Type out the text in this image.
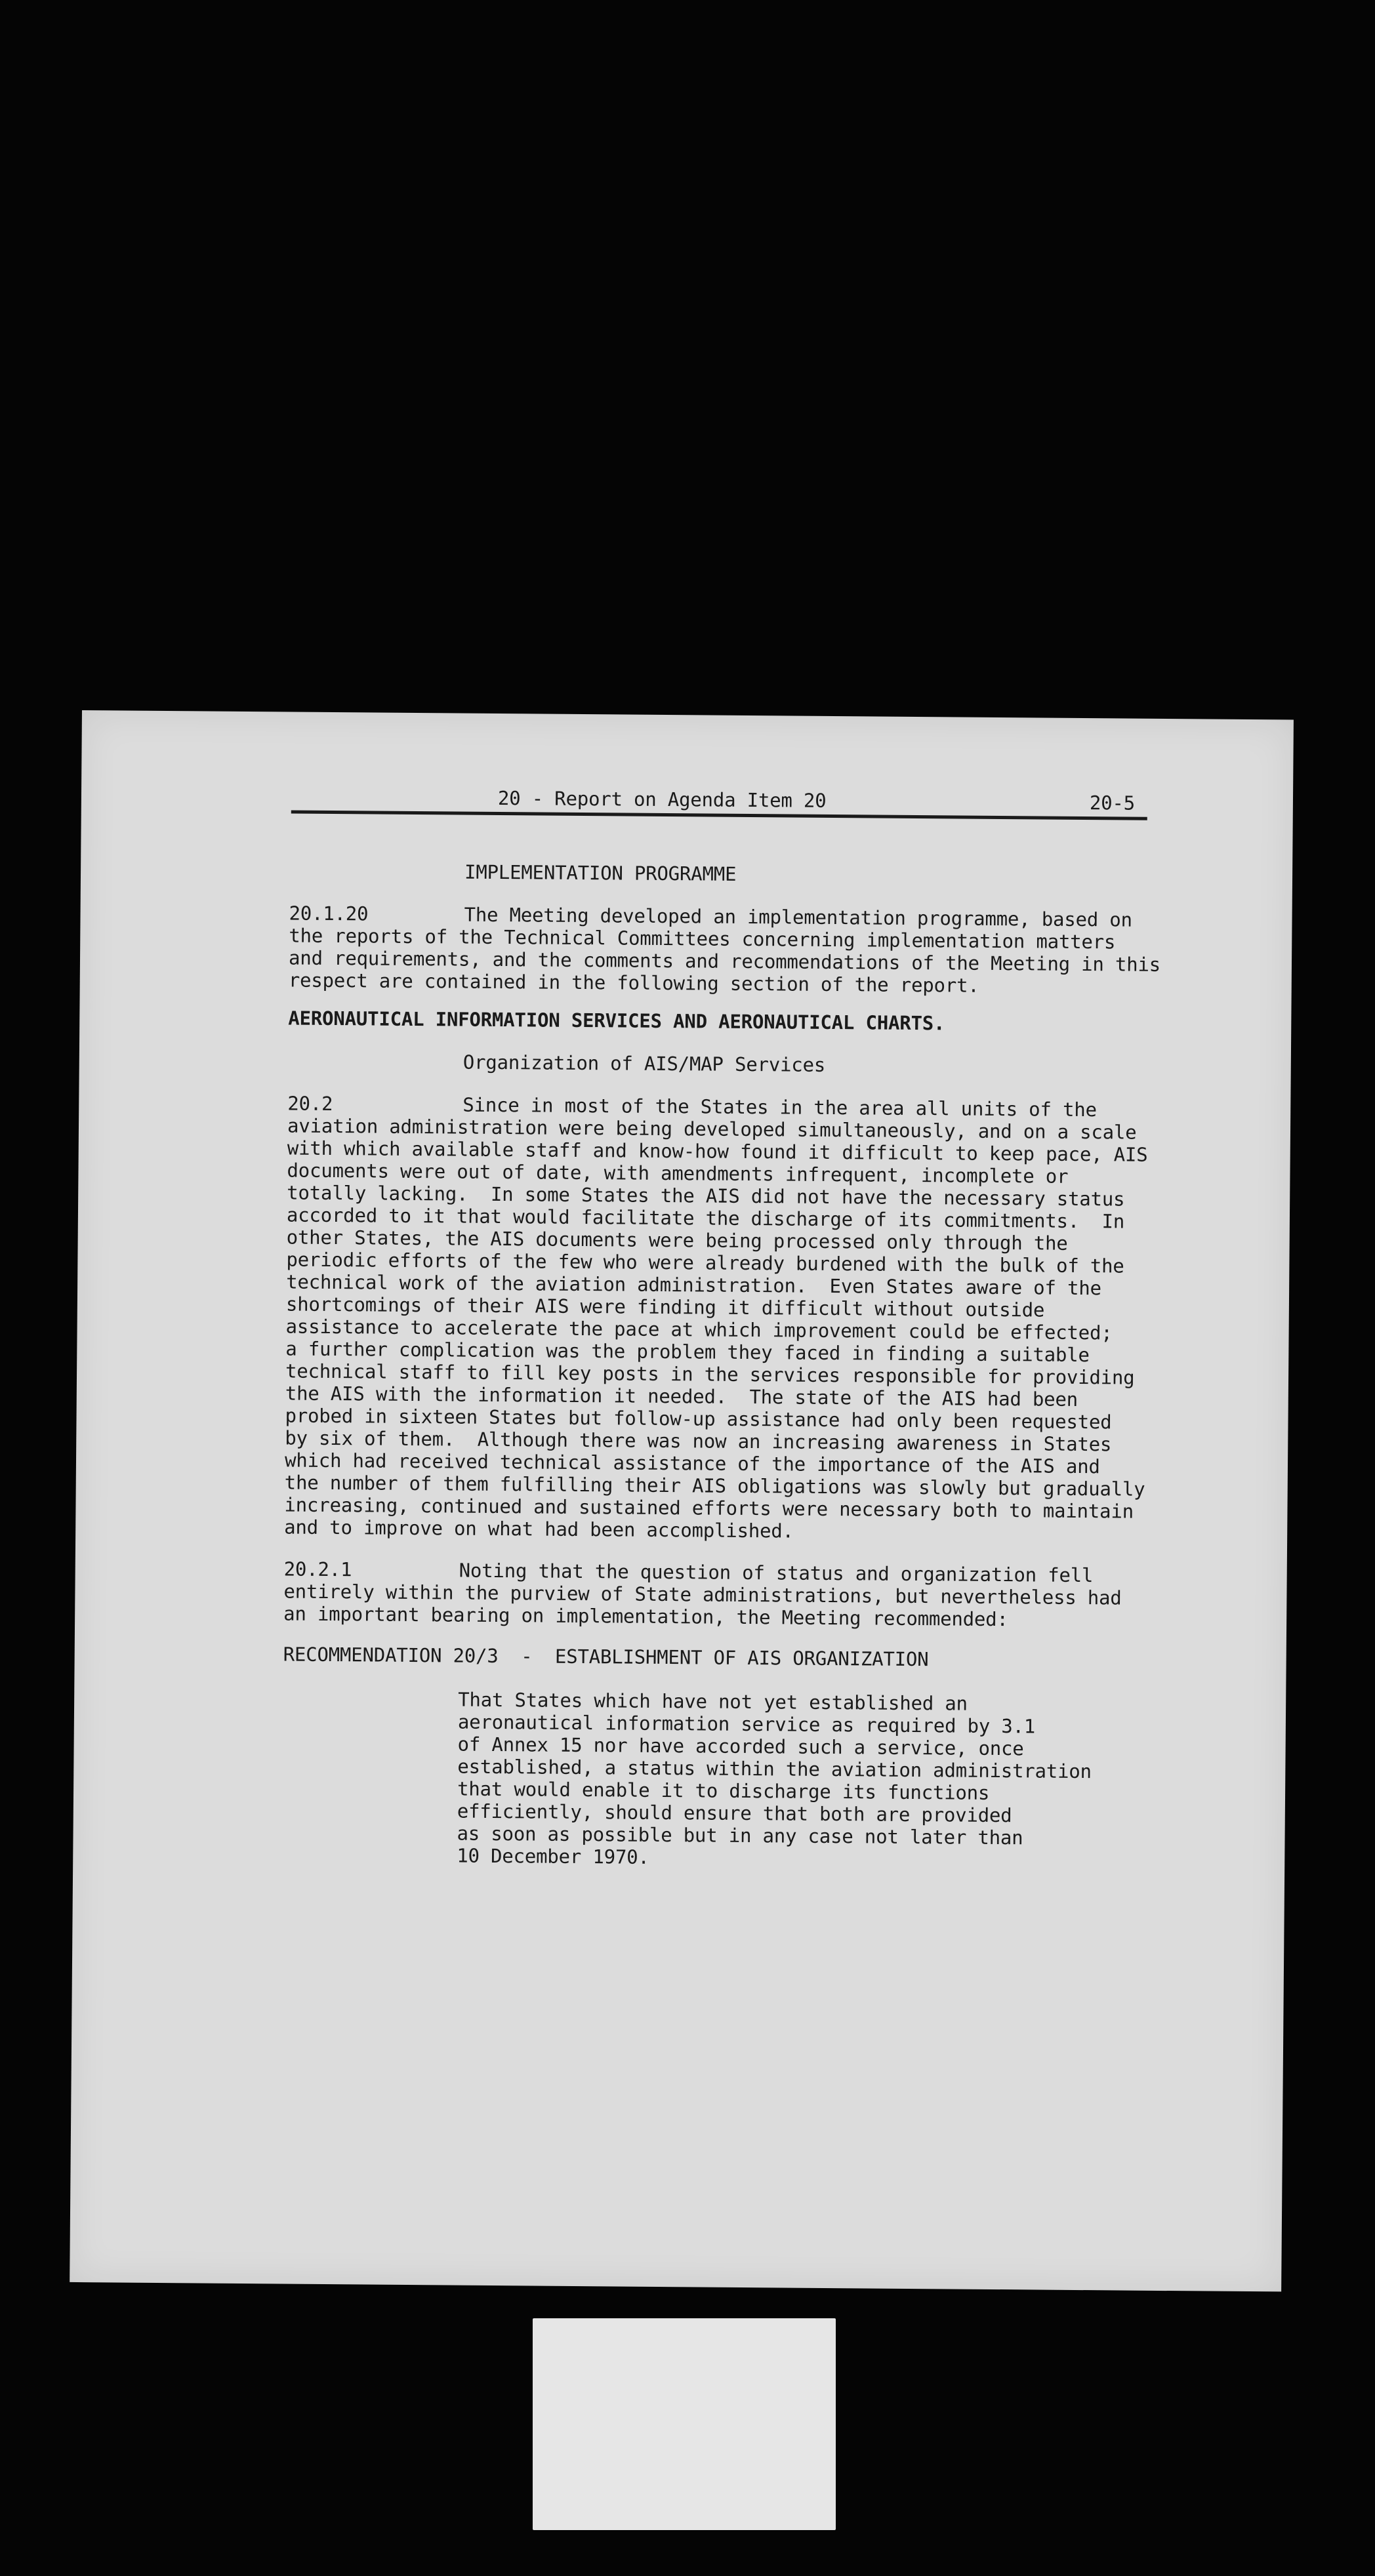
20 - Report on Agenda Item 20	20-5
IMPLEMENTATION PROGRAMME
20.1.20	The Meeting developed an implementation programme, based on
the reports of the Technical Committees concerning implementation matters
and requirements, and the comments and recommendations of the Meeting in this
respect are contained in the following section of the report.
AERONAUTICAL INFORMATION SERVICES AND AERONAUTICAL CHARTS.
Organization of AIS/MAP Services
20.2	Since in most of the States in the area all units of the
aviation administration were being developed simultaneously, and on a scale
with which available staff and know-how found it difficult to keep pace, AIS
documents were out of date, with amendments infrequent, incomplete or
totally lacking.  In some States the AIS did not have the necessary status
accorded to it that would facilitate the discharge of its commitments.  In
other States, the AIS documents were being processed only through the
periodic efforts of the few who were already burdened with the bulk of the
technical work of the aviation administration.  Even States aware of the
shortcomings of their AIS were finding it difficult without outside
assistance to accelerate the pace at which improvement could be effected;
a further complication was the problem they faced in finding a suitable
technical staff to fill key posts in the services responsible for providing
the AIS with the information it needed.  The state of the AIS had been
probed in sixteen States but follow-up assistance had only been requested
by six of them.  Although there was now an increasing awareness in States
which had received technical assistance of the importance of the AIS and
the number of them fulfilling their AIS obligations was slowly but gradually
increasing, continued and sustained efforts were necessary both to maintain
and to improve on what had been accomplished.
20.2.1	Noting that the question of status and organization fell
entirely within the purview of State administrations, but nevertheless had
an important bearing on implementation, the Meeting recommended:
RECOMMENDATION 20/3  -  ESTABLISHMENT OF AIS ORGANIZATION
That States which have not yet established an
aeronautical information service as required by 3.1
of Annex 15 nor have accorded such a service, once
established, a status within the aviation administration
that would enable it to discharge its functions
efficiently, should ensure that both are provided
as soon as possible but in any case not later than
10 December 1970.
